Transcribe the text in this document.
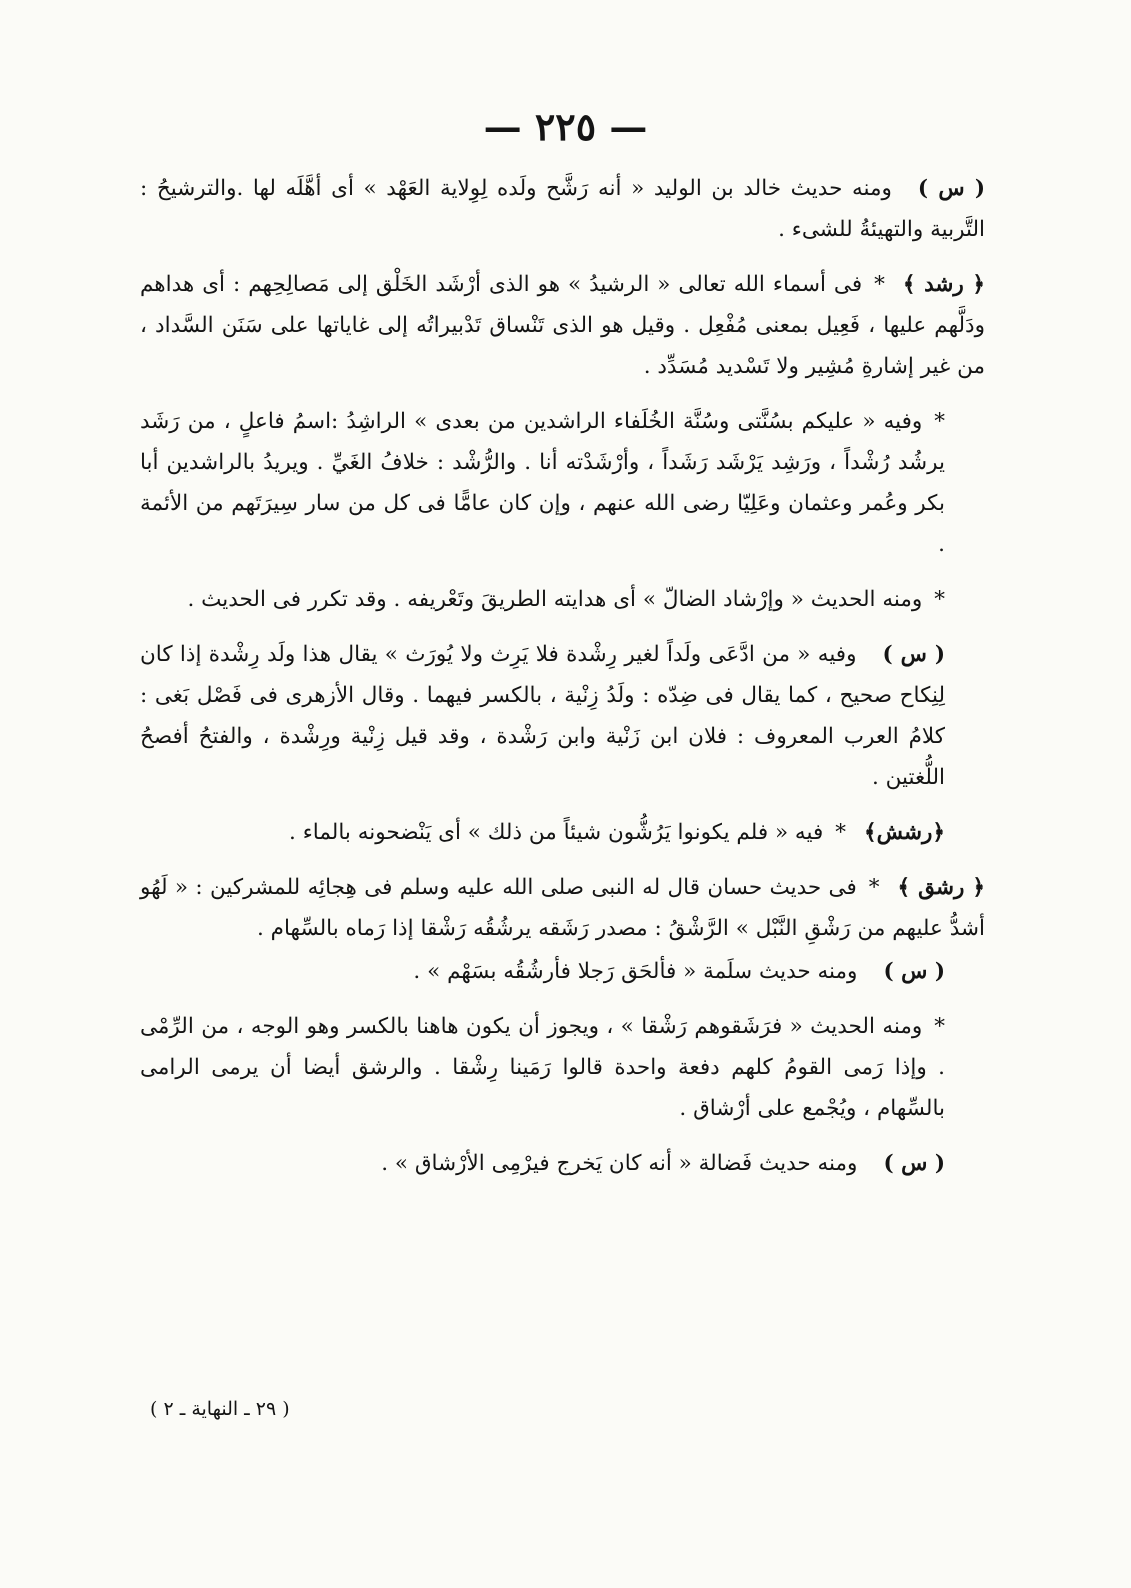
— ٢٢٥ —

( س )ومنه حديث خالد بن الوليد « أنه رَشَّح ولَده لِوِلاية العَهْد » أى أهَّلَه لها .والترشيحُ : التَّربية والتهيئةُ للشىء .

﴿ رشد ﴾*فى أسماء الله تعالى « الرشيدُ » هو الذى أرْشَد الخَلْق إلى مَصالِحِهم : أى هداهم ودَلَّهم عليها ، فَعِيل بمعنى مُفْعِل . وقيل هو الذى تَنْساق تَدْبيراتُه إلى غاياتها على سَنَن السَّداد ، من غير إشارةِ مُشِير ولا تَسْديد مُسَدِّد .

*وفيه « عليكم بسُنَّتى وسُنَّة الخُلَفاء الراشدين من بعدى » الراشِدُ :اسمُ فاعلٍ ، من رَشَد يرشُد رُشْداً ، ورَشِد يَرْشَد رَشَداً ، وأرْشَدْته أنا . والرُّشْد : خلافُ الغَيِّ . ويريدُ بالراشدين أبا بكر وعُمر وعثمان وعَلِيّا رضى الله عنهم ، وإن كان عامًّا فى كل من سار سِيرَتَهم من الأئمة .

*ومنه الحديث « وإرْشاد الضالّ » أى هدايته الطريقَ وتَعْريفه . وقد تكرر فى الحديث .

( س )وفيه « من ادَّعَى ولَداً لغير رِشْدة فلا يَرِث ولا يُورَث » يقال هذا ولَد رِشْدة إذا كان لِنِكاح صحيح ، كما يقال فى ضِدّه : ولَدُ زِنْية ، بالكسر فيهما . وقال الأزهرى فى فَصْل بَغى : كلامُ العرب المعروف : فلان ابن زَنْية وابن رَشْدة ، وقد قيل زِنْية ورِشْدة ، والفتحُ أفصحُ اللُّغتين .

﴿رشش﴾*فيه « فلم يكونوا يَرُشُّون شيئاً من ذلك » أى يَنْضحونه بالماء .

﴿ رشق ﴾*فى حديث حسان قال له النبى صلى الله عليه وسلم فى هِجائِه للمشركين : « لَهُو أشدُّ عليهم من رَشْقِ النَّبْل » الرَّشْقُ : مصدر رَشَقه يرشُقُه رَشْقا إذا رَماه بالسِّهام .

( س )ومنه حديث سلَمة « فألحَق رَجلا فأرشُقُه بسَهْم » .

*ومنه الحديث « فرَشَقوهم رَشْقا » ، ويجوز أن يكون هاهنا بالكسر وهو الوجه ، من الرِّمْى . وإذا رَمى القومُ كلهم دفعة واحدة قالوا رَمَينا رِشْقا . والرشق أيضا أن يرمى الرامى بالسِّهام ، ويُجْمع على أرْشاق .

( س )ومنه حديث فَضالة « أنه كان يَخرج فيرْمِى الأرْشاق » .

( ٢٩ ـ النهاية ـ ٢ )
